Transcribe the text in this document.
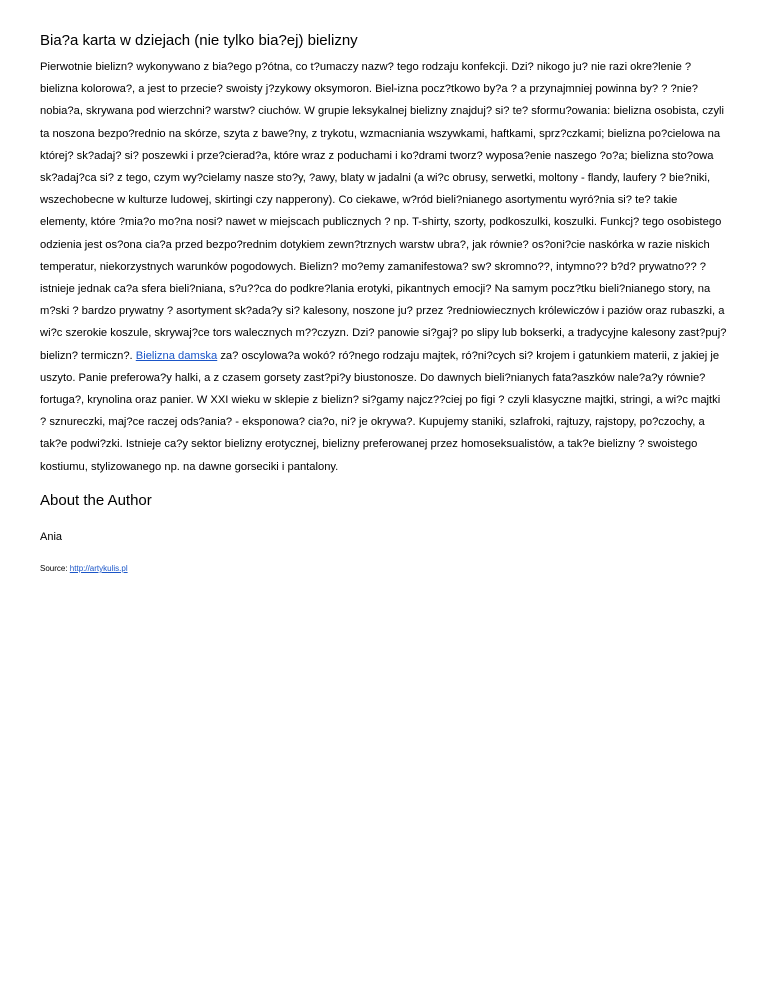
Bia?a karta w dziejach (nie tylko bia?ej) bielizny

Pierwotnie bielizn? wykonywano z bia?ego p?ótna, co t?umaczy nazw? tego rodzaju konfekcji. Dzi? nikogo ju? nie razi okre?lenie ?bielizna kolorowa?, a jest to przecie? swoisty j?zykowy oksymoron. Biel-izna pocz?tkowo by?a ? a przynajmniej powinna by? ? ?nie?nobia?a, skrywana pod wierzchni? warstw? ciuchów. W grupie leksykalnej bielizny znajduj? si? te? sformu?owania: bielizna osobista, czyli ta noszona bezpo?rednio na skórze, szyta z bawe?ny, z trykotu, wzmacniania wszywkami, haftkami, sprz?czkami; bielizna po?cielowa na której? sk?adaj? si? poszewki i prze?cierad?a, które wraz z poduchami i ko?drami tworz? wyposa?enie naszego ?o?a; bielizna sto?owa sk?adaj?ca si? z tego, czym wy?cielamy nasze sto?y, ?awy, blaty w jadalni (a wi?c obrusy, serwetki, moltony - flandy, laufery ? bie?niki, wszechobecne w kulturze ludowej, skirtingi czy napperony). Co ciekawe, w?ród bieli?nianego asortymentu wyró?nia si? te? takie elementy, które ?mia?o mo?na nosi? nawet w miejscach publicznych ? np. T-shirty, szorty, podkoszulki, koszulki. Funkcj? tego osobistego odzienia jest os?ona cia?a przed bezpo?rednim dotykiem zewn?trznych warstw ubra?, jak równie? os?oni?cie naskórka w razie niskich temperatur, niekorzystnych warunków pogodowych. Bielizn? mo?emy zamanifestowa? sw? skromno??, intymno?? b?d? prywatno?? ? istnieje jednak ca?a sfera bieli?niana, s?u??ca do podkre?lania erotyki, pikantnych emocji? Na samym pocz?tku bieli?nianego story, na m?ski ? bardzo prywatny ? asortyment sk?ada?y si? kalesony, noszone ju? przez ?redniowiecznych królewiczów i paziów oraz rubaszki, a wi?c szerokie koszule, skrywaj?ce tors walecznych m??czyzn. Dzi? panowie si?gaj? po slipy lub bokserki, a tradycyjne kalesony zast?puj? bielizn? termiczn?. Bielizna damska za? oscylowa?a wokó? ró?nego rodzaju majtek, ró?ni?cych si? krojem i gatunkiem materii, z jakiej je uszyto. Panie preferowa?y halki, a z czasem gorsety zast?pi?y biustonosze. Do dawnych bieli?nianych fata?aszków nale?a?y równie? fortuga?, krynolina oraz panier. W XXI wieku w sklepie z bielizn? si?gamy najcz??ciej po figi ? czyli klasyczne majtki, stringi, a wi?c majtki ? sznureczki, maj?ce raczej ods?ania? - eksponowa? cia?o, ni? je okrywa?. Kupujemy staniki, szlafroki, rajtuzy, rajstopy, po?czochy, a tak?e podwi?zki. Istnieje ca?y sektor bielizny erotycznej, bielizny preferowanej przez homoseksualistów, a tak?e bielizny ? swoistego kostiumu, stylizowanego np. na dawne gorseciki i pantalony.

About the Author

Ania

Source: http://artykulis.pl
